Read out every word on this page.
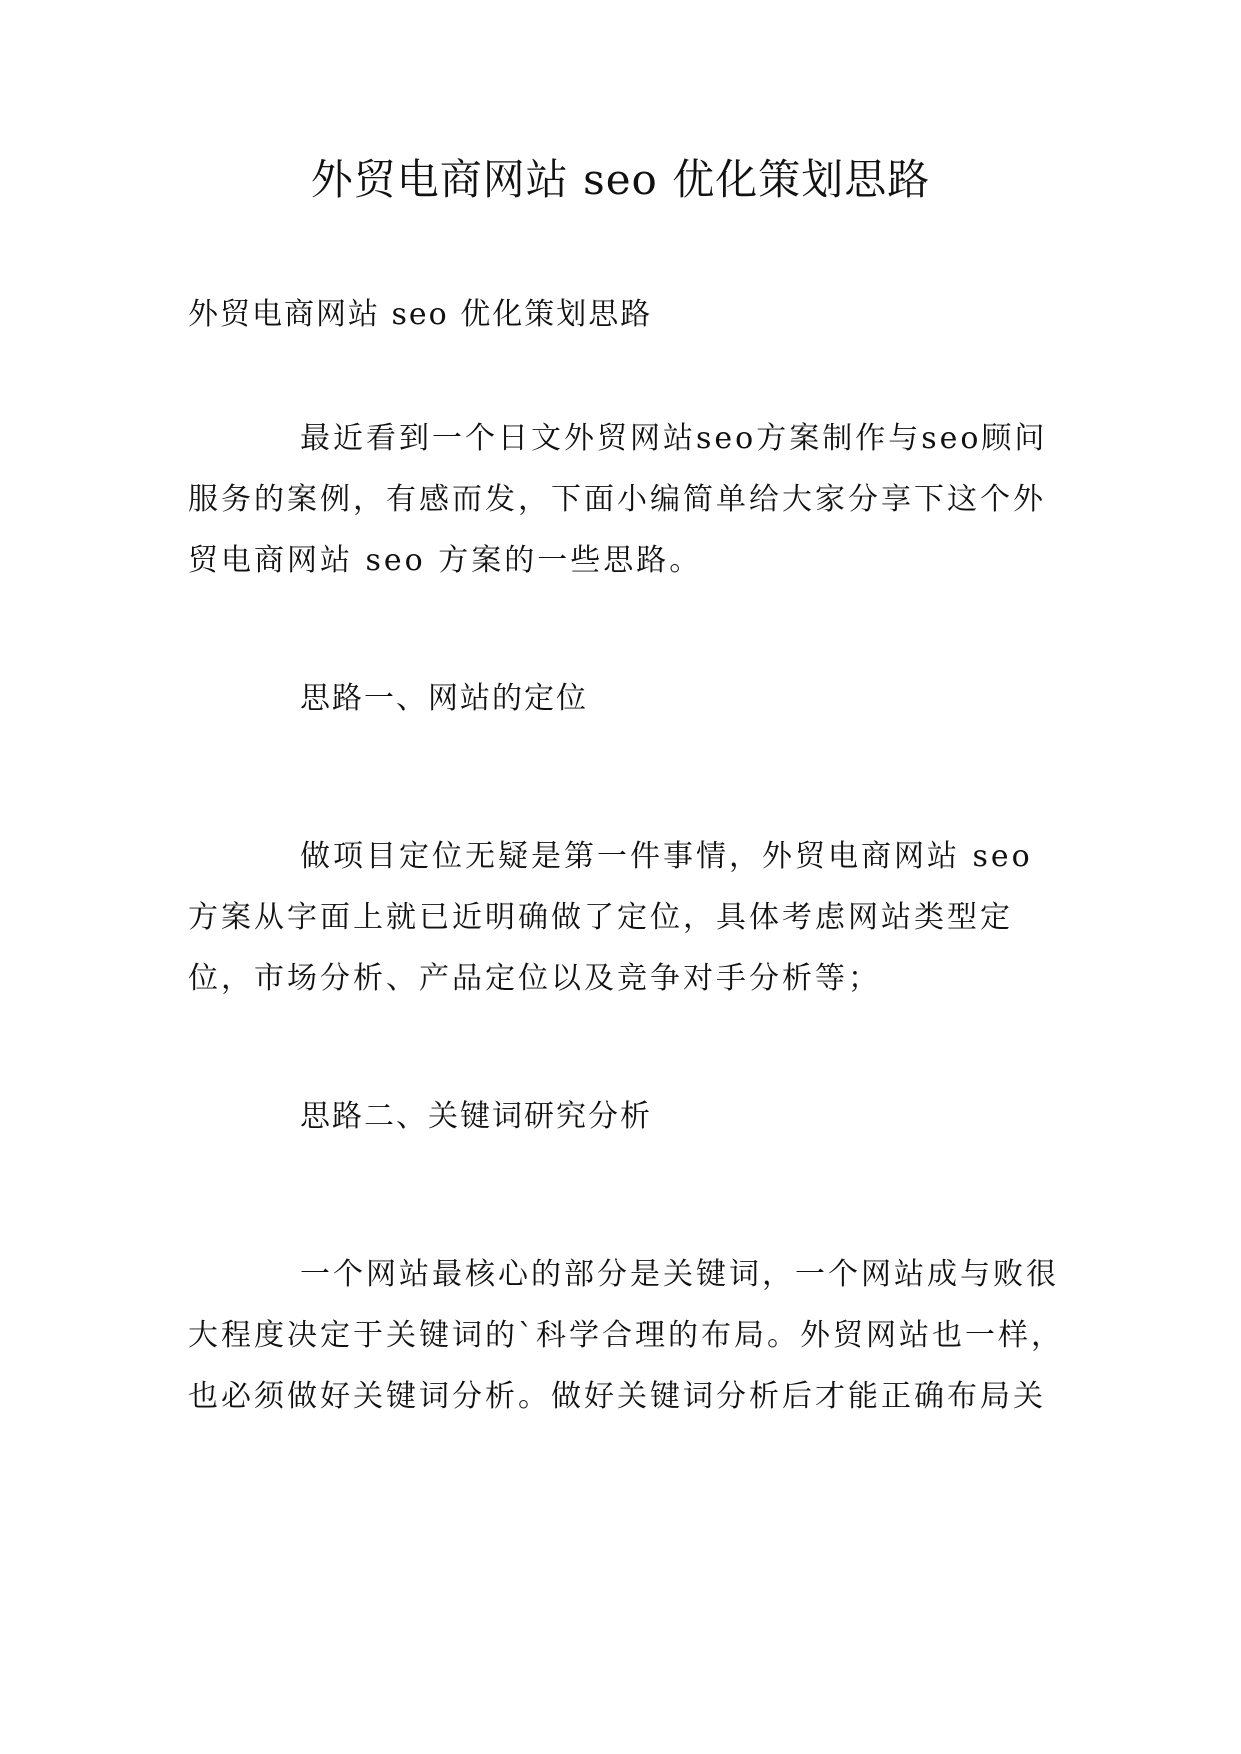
外贸电商网站 seo 优化策划思路

外贸电商网站 seo 优化策划思路

最近看到一个日文外贸网站seo方案制作与seo顾问服务的案例，有感而发，下面小编简单给大家分享下这个外贸电商网站 seo 方案的一些思路。

思路一、网站的定位

做项目定位无疑是第一件事情，外贸电商网站 seo 方案从字面上就已近明确做了定位，具体考虑网站类型定位，市场分析、产品定位以及竞争对手分析等；

思路二、关键词研究分析

一个网站最核心的部分是关键词，一个网站成与败很大程度决定于关键词的`科学合理的布局。外贸网站也一样，也必须做好关键词分析。做好关键词分析后才能正确布局关
